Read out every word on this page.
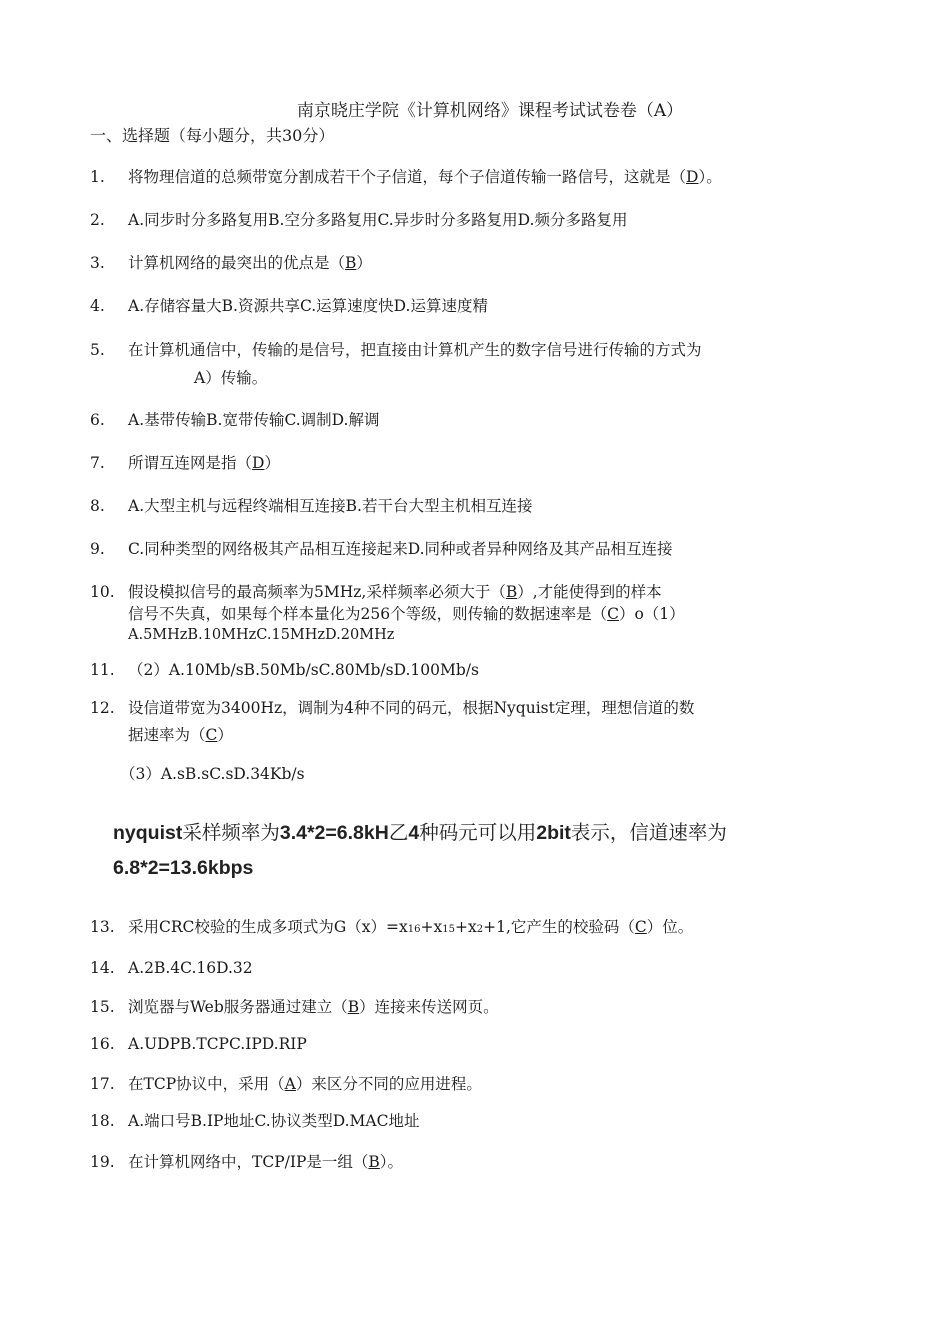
南京晓庄学院《计算机网络》课程考试试卷卷（A）
一、选择题（每小题分，共30分）
1.	将物理信道的总频带宽分割成若干个子信道，每个子信道传输一路信号，这就是（D）。
2.	A.同步时分多路复用B.空分多路复用C.异步时分多路复用D.频分多路复用
3.	计算机网络的最突出的优点是（B）
4.	A.存储容量大B.资源共享C.运算速度快D.运算速度精
5.	在计算机通信中，传输的是信号，把直接由计算机产生的数字信号进行传输的方式为
A）传输。
6.	A.基带传输B.宽带传输C.调制D.解调
7.	所谓互连网是指（D）
8.	A.大型主机与远程终端相互连接B.若干台大型主机相互连接
9.	C.同种类型的网络极其产品相互连接起来D.同种或者异种网络及其产品相互连接
10. 假设模拟信号的最高频率为5MHz,采样频率必须大于（B）,才能使得到的样本
信号不失真，如果每个样本量化为256个等级，则传输的数据速率是（C）o（1）
A.5MHzB.10MHzC.15MHzD.20MHz
11. （2）A.10Mb/sB.50Mb/sC.80Mb/sD.100Mb/s
12. 设信道带宽为3400Hz，调制为4种不同的码元，根据Nyquist定理，理想信道的数
据速率为（C）
（3）A.sB.sC.sD.34Kb/s
nyquist采样频率为3.4*2=6.8kH乙4种码元可以用2bit表示，信道速率为
6.8*2=13.6kbps
13. 采用CRC校验的生成多项式为G（x）=x16+x15+x2+1,它产生的校验码（C）位。
14. A.2B.4C.16D.32
15. 浏览器与Web服务器通过建立（B）连接来传送网页。
16. A.UDPB.TCPC.IPD.RIP
17. 在TCP协议中，采用（A）来区分不同的应用进程。
18. A.端口号B.IP地址C.协议类型D.MAC地址
19. 在计算机网络中，TCP/IP是一组（B）。
